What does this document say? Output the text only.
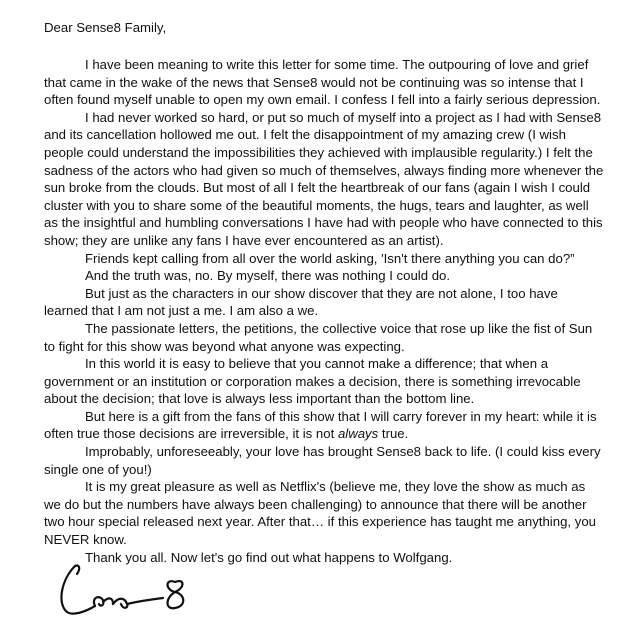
Dear Sense8 Family,

I have been meaning to write this letter for some time. The outpouring of love and grief that came in the wake of the news that Sense8 would not be continuing was so intense that I often found myself unable to open my own email. I confess I fell into a fairly serious depression.

I had never worked so hard, or put so much of myself into a project as I had with Sense8 and its cancellation hollowed me out. I felt the disappointment of my amazing crew (I wish people could understand the impossibilities they achieved with implausible regularity.) I felt the sadness of the actors who had given so much of themselves, always finding more whenever the sun broke from the clouds. But most of all I felt the heartbreak of our fans (again I wish I could cluster with you to share some of the beautiful moments, the hugs, tears and laughter, as well as the insightful and humbling conversations I have had with people who have connected to this show; they are unlike any fans I have ever encountered as an artist).

Friends kept calling from all over the world asking, 'Isn't there anything you can do?”

And the truth was, no. By myself, there was nothing I could do.

But just as the characters in our show discover that they are not alone, I too have learned that I am not just a me. I am also a we.

The passionate letters, the petitions, the collective voice that rose up like the fist of Sun to fight for this show was beyond what anyone was expecting.

In this world it is easy to believe that you cannot make a difference; that when a government or an institution or corporation makes a decision, there is something irrevocable about the decision; that love is always less important than the bottom line.

But here is a gift from the fans of this show that I will carry forever in my heart: while it is often true those decisions are irreversible, it is not always true.

Improbably, unforeseeably, your love has brought Sense8 back to life. (I could kiss every single one of you!)

It is my great pleasure as well as Netflix's (believe me, they love the show as much as we do but the numbers have always been challenging) to announce that there will be another two hour special released next year. After that… if this experience has taught me anything, you NEVER know.

Thank you all. Now let's go find out what happens to Wolfgang.
